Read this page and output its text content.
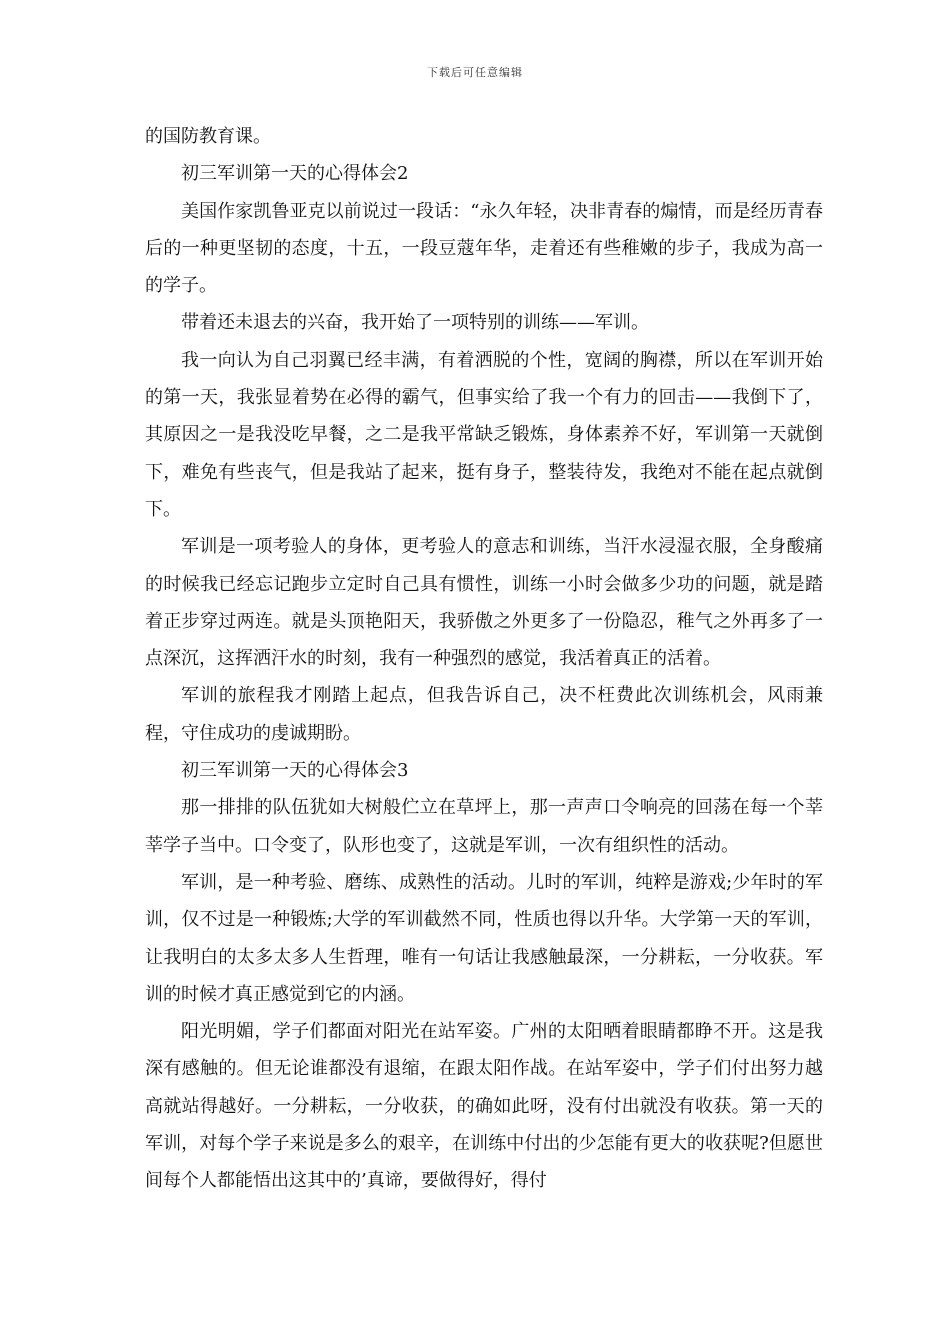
下载后可任意编辑

的国防教育课。

初三军训第一天的心得体会2

美国作家凯鲁亚克以前说过一段话：“永久年轻，决非青春的煽情，而是经历青春后的一种更坚韧的态度，十五，一段豆蔻年华，走着还有些稚嫩的步子，我成为高一的学子。

带着还未退去的兴奋，我开始了一项特别的训练——军训。

我一向认为自己羽翼已经丰满，有着洒脱的个性，宽阔的胸襟，所以在军训开始的第一天，我张显着势在必得的霸气，但事实给了我一个有力的回击——我倒下了，其原因之一是我没吃早餐，之二是我平常缺乏锻炼，身体素养不好，军训第一天就倒下，难免有些丧气，但是我站了起来，挺有身子，整装待发，我绝对不能在起点就倒下。

军训是一项考验人的身体，更考验人的意志和训练，当汗水浸湿衣服，全身酸痛的时候我已经忘记跑步立定时自己具有惯性，训练一小时会做多少功的问题，就是踏着正步穿过两连。就是头顶艳阳天，我骄傲之外更多了一份隐忍，稚气之外再多了一点深沉，这挥洒汗水的时刻，我有一种强烈的感觉，我活着真正的活着。

军训的旅程我才刚踏上起点，但我告诉自己，决不枉费此次训练机会，风雨兼程，守住成功的虔诚期盼。

初三军训第一天的心得体会3

那一排排的队伍犹如大树般伫立在草坪上，那一声声口令响亮的回荡在每一个莘莘学子当中。口令变了，队形也变了，这就是军训，一次有组织性的活动。

军训，是一种考验、磨练、成熟性的活动。儿时的军训，纯粹是游戏;少年时的军训，仅不过是一种锻炼;大学的军训截然不同，性质也得以升华。大学第一天的军训，让我明白的太多太多人生哲理，唯有一句话让我感触最深，一分耕耘，一分收获。军训的时候才真正感觉到它的内涵。

阳光明媚，学子们都面对阳光在站军姿。广州的太阳晒着眼睛都睁不开。这是我深有感触的。但无论谁都没有退缩，在跟太阳作战。在站军姿中，学子们付出努力越高就站得越好。一分耕耘，一分收获，的确如此呀，没有付出就没有收获。第一天的军训，对每个学子来说是多么的艰辛，在训练中付出的少怎能有更大的收获呢?但愿世间每个人都能悟出这其中的’真谛，要做得好，得付
